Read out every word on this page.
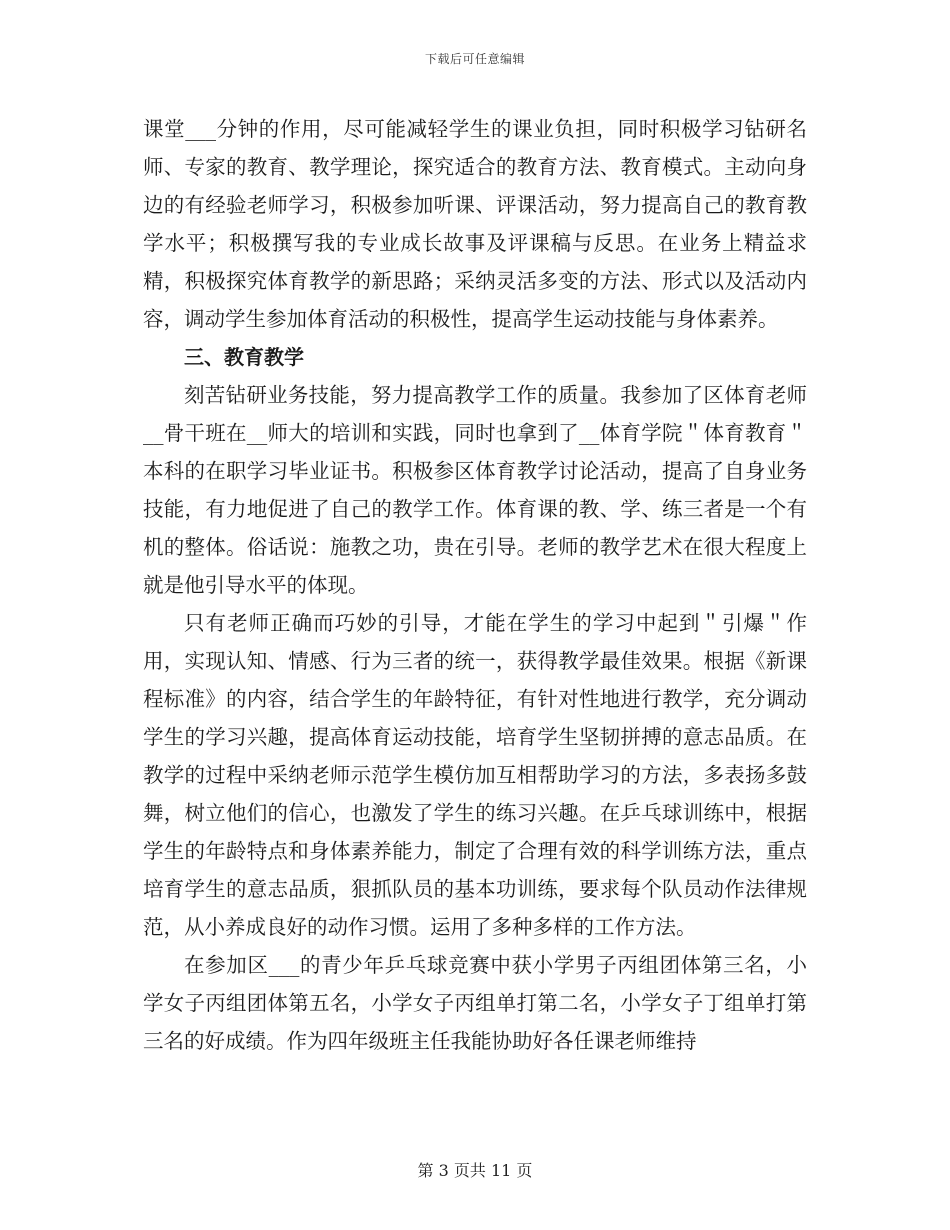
下载后可任意编辑

课堂___分钟的作用，尽可能减轻学生的课业负担，同时积极学习钻研名师、专家的教育、教学理论，探究适合的教育方法、教育模式。主动向身边的有经验老师学习，积极参加听课、评课活动，努力提高自己的教育教学水平；积极撰写我的专业成长故事及评课稿与反思。在业务上精益求精，积极探究体育教学的新思路；采纳灵活多变的方法、形式以及活动内容，调动学生参加体育活动的积极性，提高学生运动技能与身体素养。

三、教育教学

刻苦钻研业务技能，努力提高教学工作的质量。我参加了区体育老师__骨干班在__师大的培训和实践，同时也拿到了__体育学院＂体育教育＂本科的在职学习毕业证书。积极参区体育教学讨论活动，提高了自身业务技能，有力地促进了自己的教学工作。体育课的教、学、练三者是一个有机的整体。俗话说：施教之功，贵在引导。老师的教学艺术在很大程度上就是他引导水平的体现。

只有老师正确而巧妙的引导，才能在学生的学习中起到＂引爆＂作用，实现认知、情感、行为三者的统一，获得教学最佳效果。根据《新课程标准》的内容，结合学生的年龄特征，有针对性地进行教学，充分调动学生的学习兴趣，提高体育运动技能，培育学生坚韧拼搏的意志品质。在教学的过程中采纳老师示范学生模仿加互相帮助学习的方法，多表扬多鼓舞，树立他们的信心，也激发了学生的练习兴趣。在乒乓球训练中，根据学生的年龄特点和身体素养能力，制定了合理有效的科学训练方法，重点培育学生的意志品质，狠抓队员的基本功训练，要求每个队员动作法律规范，从小养成良好的动作习惯。运用了多种多样的工作方法。

在参加区___的青少年乒乓球竞赛中获小学男子丙组团体第三名，小学女子丙组团体第五名，小学女子丙组单打第二名，小学女子丁组单打第三名的好成绩。作为四年级班主任我能协助好各任课老师维持

第 3 页共 11 页
